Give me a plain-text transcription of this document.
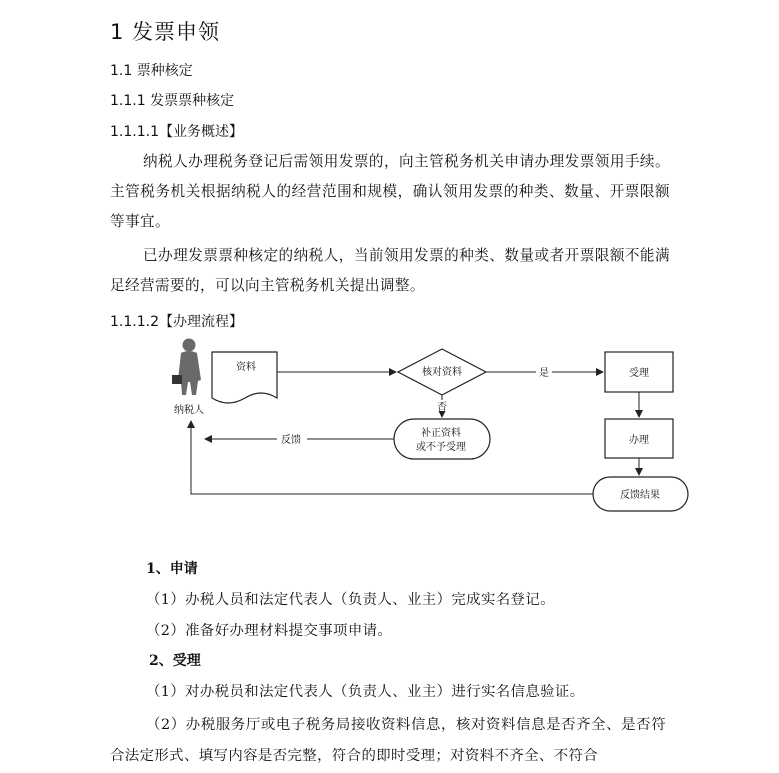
1 发票申领
1.1 票种核定
1.1.1 发票票种核定
1.1.1.1【业务概述】
纳税人办理税务登记后需领用发票的，向主管税务机关申请办理发票领用手续。主管税务机关根据纳税人的经营范围和规模，确认领用发票的种类、数量、开票限额等事宜。
已办理发票票种核定的纳税人，当前领用发票的种类、数量或者开票限额不能满足经营需要的，可以向主管税务机关提出调整。
1.1.1.2【办理流程】
纳税人
资料	核对资料	是	受理
办理
反馈结果
否
补正资料
或不予受理
反馈
1、申请
（1）办税人员和法定代表人（负责人、业主）完成实名登记。
（2）准备好办理材料提交事项申请。
2、受理
（1）对办税员和法定代表人（负责人、业主）进行实名信息验证。
（2）办税服务厅或电子税务局接收资料信息，核对资料信息是否齐全、是否符合法定形式、填写内容是否完整，符合的即时受理；对资料不齐全、不符合
